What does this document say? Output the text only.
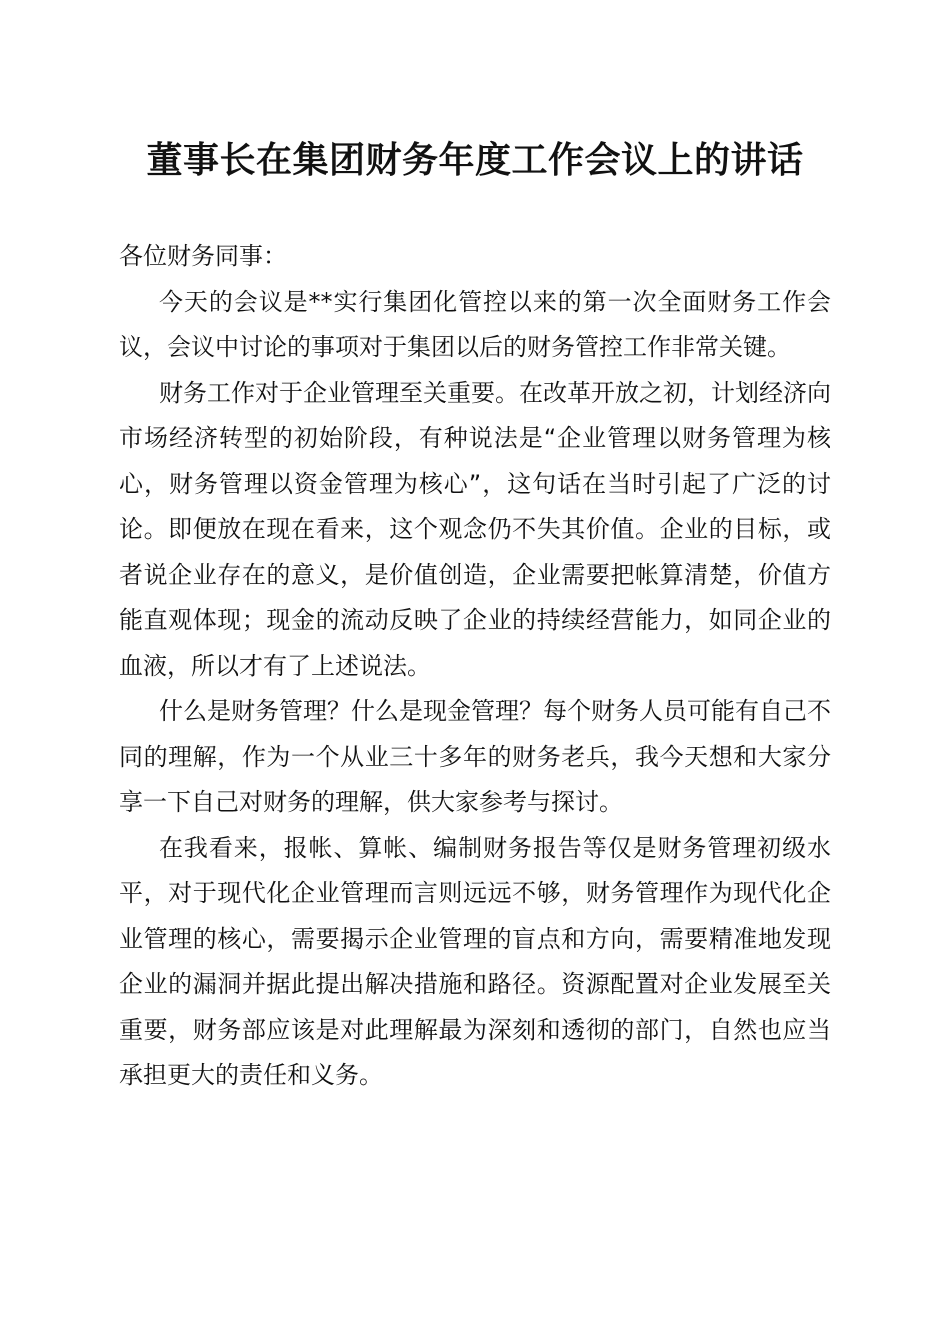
董事长在集团财务年度工作会议上的讲话

各位财务同事：

今天的会议是**实行集团化管控以来的第一次全面财务工作会议，会议中讨论的事项对于集团以后的财务管控工作非常关键。

财务工作对于企业管理至关重要。在改革开放之初，计划经济向市场经济转型的初始阶段，有种说法是“企业管理以财务管理为核心，财务管理以资金管理为核心”，这句话在当时引起了广泛的讨论。即便放在现在看来，这个观念仍不失其价值。企业的目标，或者说企业存在的意义，是价值创造，企业需要把帐算清楚，价值方能直观体现；现金的流动反映了企业的持续经营能力，如同企业的血液，所以才有了上述说法。

什么是财务管理？什么是现金管理？每个财务人员可能有自己不同的理解，作为一个从业三十多年的财务老兵，我今天想和大家分享一下自己对财务的理解，供大家参考与探讨。

在我看来，报帐、算帐、编制财务报告等仅是财务管理初级水平，对于现代化企业管理而言则远远不够，财务管理作为现代化企业管理的核心，需要揭示企业管理的盲点和方向，需要精准地发现企业的漏洞并据此提出解决措施和路径。资源配置对企业发展至关重要，财务部应该是对此理解最为深刻和透彻的部门，自然也应当承担更大的责任和义务。
